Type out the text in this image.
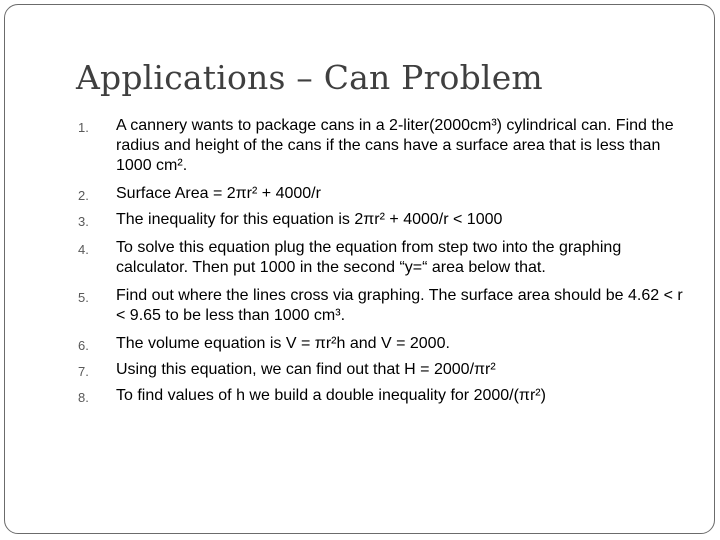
Applications – Can Problem
1. A cannery wants to package cans in a 2-liter(2000cm³) cylindrical can. Find the radius and height of the cans if the cans have a surface area that is less than 1000 cm².
2. Surface Area = 2πr² + 4000/r
3. The inequality for this equation is 2πr² + 4000/r < 1000
4. To solve this equation plug the equation from step two into the graphing calculator. Then put 1000 in the second “y=“ area below that.
5. Find out where the lines cross via graphing. The surface area should be 4.62 < r < 9.65 to be less than 1000 cm³.
6. The volume equation is V = πr²h and V = 2000.
7. Using this equation, we can find out that H = 2000/πr²
8. To find values of h we build a double inequality for 2000/(πr²)
